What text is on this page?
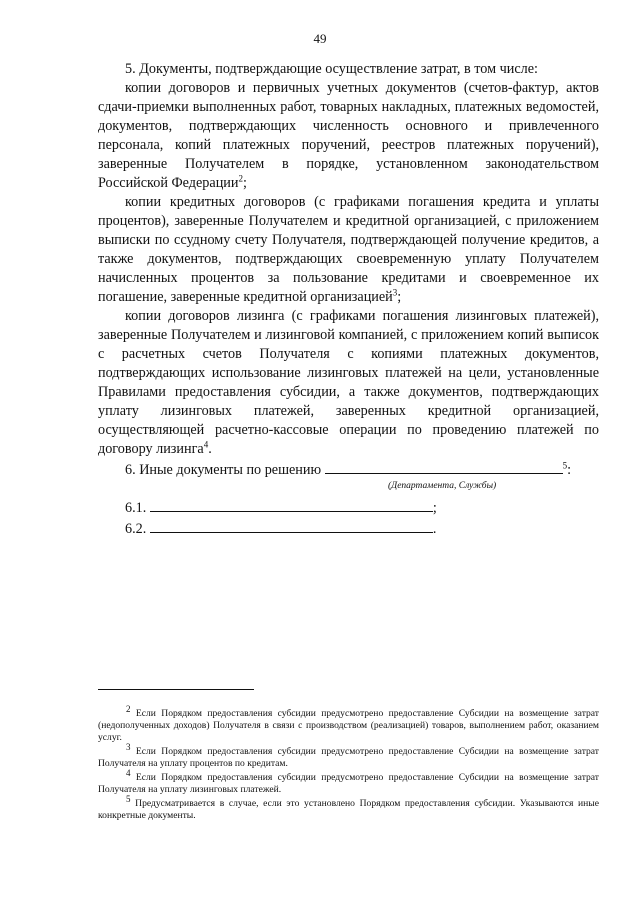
49

5. Документы, подтверждающие осуществление затрат, в том числе:

копии договоров и первичных учетных документов (счетов-фактур, актов сдачи-приемки выполненных работ, товарных накладных, платежных ведомостей, документов, подтверждающих численность основного и привлеченного персонала, копий платежных поручений, реестров платежных поручений), заверенные Получателем в порядке, установленном законодательством Российской Федерации$^2$;

копии кредитных договоров (с графиками погашения кредита и уплаты процентов), заверенные Получателем и кредитной организацией, с приложением выписки по ссудному счету Получателя, подтверждающей получение кредитов, а также документов, подтверждающих своевременную уплату Получателем начисленных процентов за пользование кредитами и своевременное их погашение, заверенные кредитной организацией$^3$;

копии договоров лизинга (с графиками погашения лизинговых платежей), заверенные Получателем и лизинговой компанией, с приложением копий выписок с расчетных счетов Получателя с копиями платежных документов, подтверждающих использование лизинговых платежей на цели, установленные Правилами предоставления субсидии, а также документов, подтверждающих уплату лизинговых платежей, заверенных кредитной организацией, осуществляющей расчетно-кассовые операции по проведению платежей по договору лизинга$^4$.

6. Иные документы по решению	$^5$:
(Департамента, Службы)
6.1.	;
6.2.	.

$^2$ Если Порядком предоставления субсидии предусмотрено предоставление Субсидии на возмещение затрат (недополученных доходов) Получателя в связи с производством (реализацией) товаров, выполнением работ, оказанием услуг.

$^3$ Если Порядком предоставления субсидии предусмотрено предоставление Субсидии на возмещение затрат Получателя на уплату процентов по кредитам.

$^4$ Если Порядком предоставления субсидии предусмотрено предоставление Субсидии на возмещение затрат Получателя на уплату лизинговых платежей.

$^5$ Предусматривается в случае, если это установлено Порядком предоставления субсидии. Указываются иные конкретные документы.
